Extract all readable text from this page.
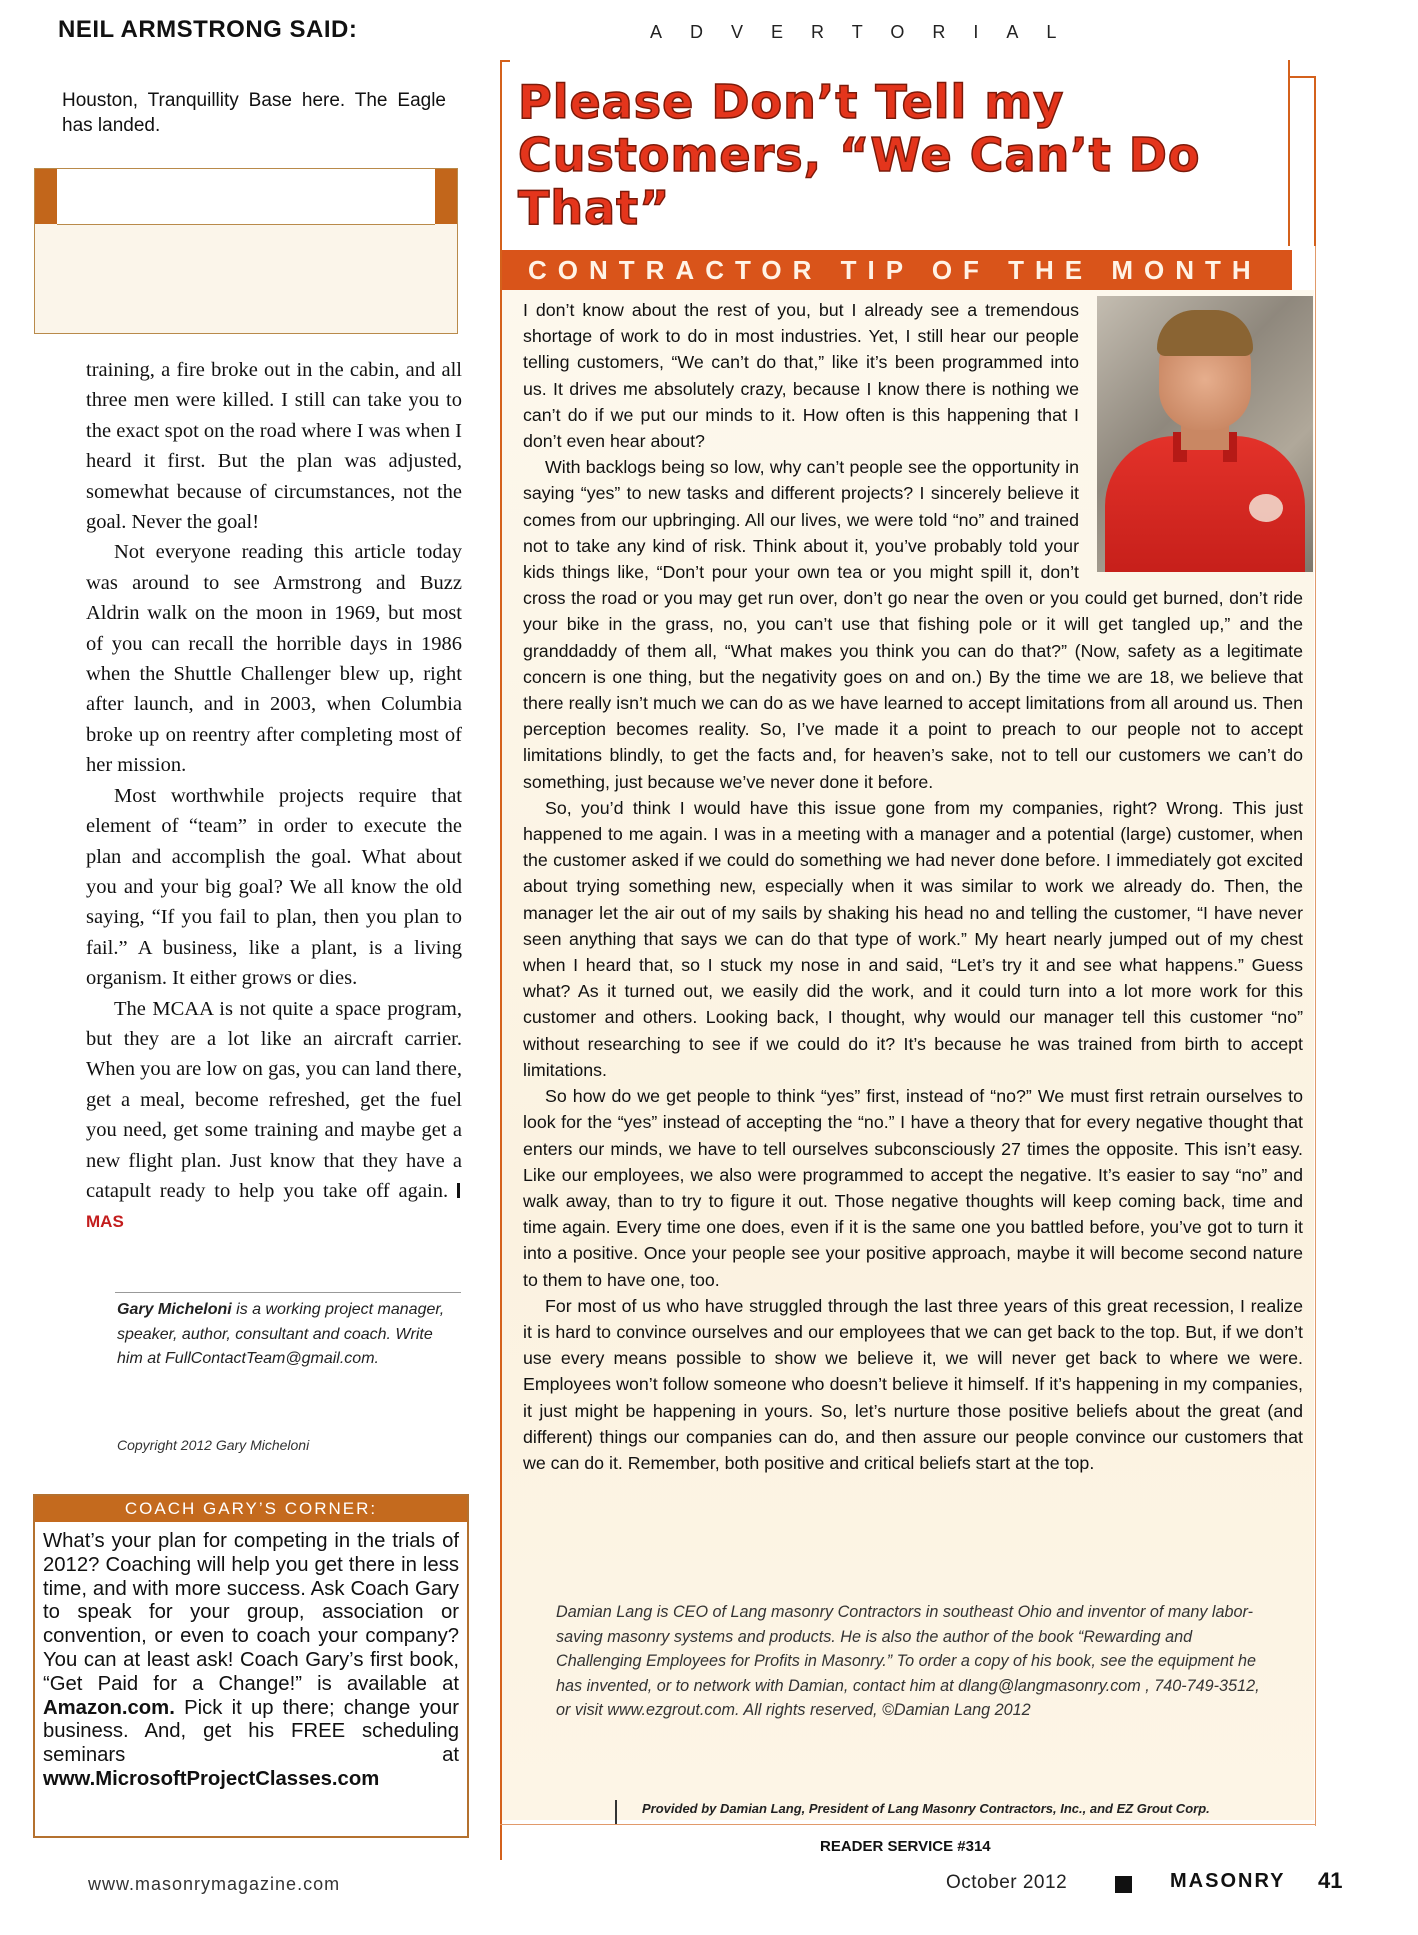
ADVERTORIAL
NEIL ARMSTRONG SAID:
Houston, Tranquillity Base here. The Eagle has landed.

training, a fire broke out in the cabin, and all three men were killed. I still can take you to the exact spot on the road where I was when I heard it first. But the plan was adjusted, somewhat because of circumstances, not the goal. Never the goal!

Not everyone reading this article today was around to see Armstrong and Buzz Aldrin walk on the moon in 1969, but most of you can recall the horrible days in 1986 when the Shuttle Challenger blew up, right after launch, and in 2003, when Columbia broke up on reentry after completing most of her mission.

Most worthwhile projects require that element of “team” in order to execute the plan and accomplish the goal. What about you and your big goal? We all know the old saying, “If you fail to plan, then you plan to fail.” A business, like a plant, is a living organism. It either grows or dies.

The MCAA is not quite a space program, but they are a lot like an aircraft carrier. When you are low on gas, you can land there, get a meal, become refreshed, get the fuel you need, get some training and maybe get a new flight plan. Just know that they have a catapult ready to help you take off again. MAS

Gary Micheloni is a working project manager, speaker, author, consultant and coach. Write him at FullContactTeam@gmail.com.
Copyright 2012 Gary Micheloni
COACH GARY’S CORNER:
What’s your plan for competing in the trials of 2012? Coaching will help you get there in less time, and with more success. Ask Coach Gary to speak for your group, association or convention, or even to coach your company? You can at least ask! Coach Gary’s first book, “Get Paid for a Change!” is available at Amazon.com. Pick it up there; change your business. And, get his FREE scheduling seminars at www.MicrosoftProjectClasses.com
Please Don’t Tell my Customers, “We Can’t Do That”
CONTRACTOR TIP OF THE MONTH

I don’t know about the rest of you, but I already see a tremendous shortage of work to do in most industries. Yet, I still hear our people telling customers, “We can’t do that,” like it’s been programmed into us. It drives me absolutely crazy, because I know there is nothing we can’t do if we put our minds to it. How often is this happening that I don’t even hear about?

With backlogs being so low, why can’t people see the opportunity in saying “yes” to new tasks and different projects? I sincerely believe it comes from our upbringing. All our lives, we were told “no” and trained not to take any kind of risk. Think about it, you’ve probably told your kids things like, “Don’t pour your own tea or you might spill it, don’t cross the road or you may get run over, don’t go near the oven or you could get burned, don’t ride your bike in the grass, no, you can’t use that fishing pole or it will get tangled up,” and the granddaddy of them all, “What makes you think you can do that?” (Now, safety as a legitimate concern is one thing, but the negativity goes on and on.) By the time we are 18, we believe that there really isn’t much we can do as we have learned to accept limitations from all around us. Then perception becomes reality. So, I’ve made it a point to preach to our people not to accept limitations blindly, to get the facts and, for heaven’s sake, not to tell our customers we can’t do something, just because we’ve never done it before.

So, you’d think I would have this issue gone from my companies, right? Wrong. This just happened to me again. I was in a meeting with a manager and a potential (large) customer, when the customer asked if we could do something we had never done before. I immediately got excited about trying something new, especially when it was similar to work we already do. Then, the manager let the air out of my sails by shaking his head no and telling the customer, “I have never seen anything that says we can do that type of work.” My heart nearly jumped out of my chest when I heard that, so I stuck my nose in and said, “Let’s try it and see what happens.” Guess what? As it turned out, we easily did the work, and it could turn into a lot more work for this customer and others. Looking back, I thought, why would our manager tell this customer “no” without researching to see if we could do it? It’s because he was trained from birth to accept limitations.

So how do we get people to think “yes” first, instead of “no?” We must first retrain ourselves to look for the “yes” instead of accepting the “no.” I have a theory that for every negative thought that enters our minds, we have to tell ourselves subconsciously 27 times the opposite. This isn’t easy. Like our employees, we also were programmed to accept the negative. It’s easier to say “no” and walk away, than to try to figure it out. Those negative thoughts will keep coming back, time and time again. Every time one does, even if it is the same one you battled before, you’ve got to turn it into a positive. Once your people see your positive approach, maybe it will become second nature to them to have one, too.

For most of us who have struggled through the last three years of this great recession, I realize it is hard to convince ourselves and our employees that we can get back to the top. But, if we don’t use every means possible to show we believe it, we will never get back to where we were. Employees won’t follow someone who doesn’t believe it himself. If it’s happening in my companies, it just might be happening in yours. So, let’s nurture those positive beliefs about the great (and different) things our companies can do, and then assure our people convince our customers that we can do it. Remember, both positive and critical beliefs start at the top.

Damian Lang is CEO of Lang masonry Contractors in southeast Ohio and inventor of many labor-saving masonry systems and products. He is also the author of the book “Rewarding and Challenging Employees for Profits in Masonry.” To order a copy of his book, see the equipment he has invented, or to network with Damian, contact him at dlang@langmasonry.com , 740-749-3512, or visit www.ezgrout.com. All rights reserved, ©Damian Lang 2012
Provided by Damian Lang, President of Lang Masonry Contractors, Inc., and EZ Grout Corp.
READER SERVICE #314
www.masonrymagazine.com	October 2012	MASONRY 41
